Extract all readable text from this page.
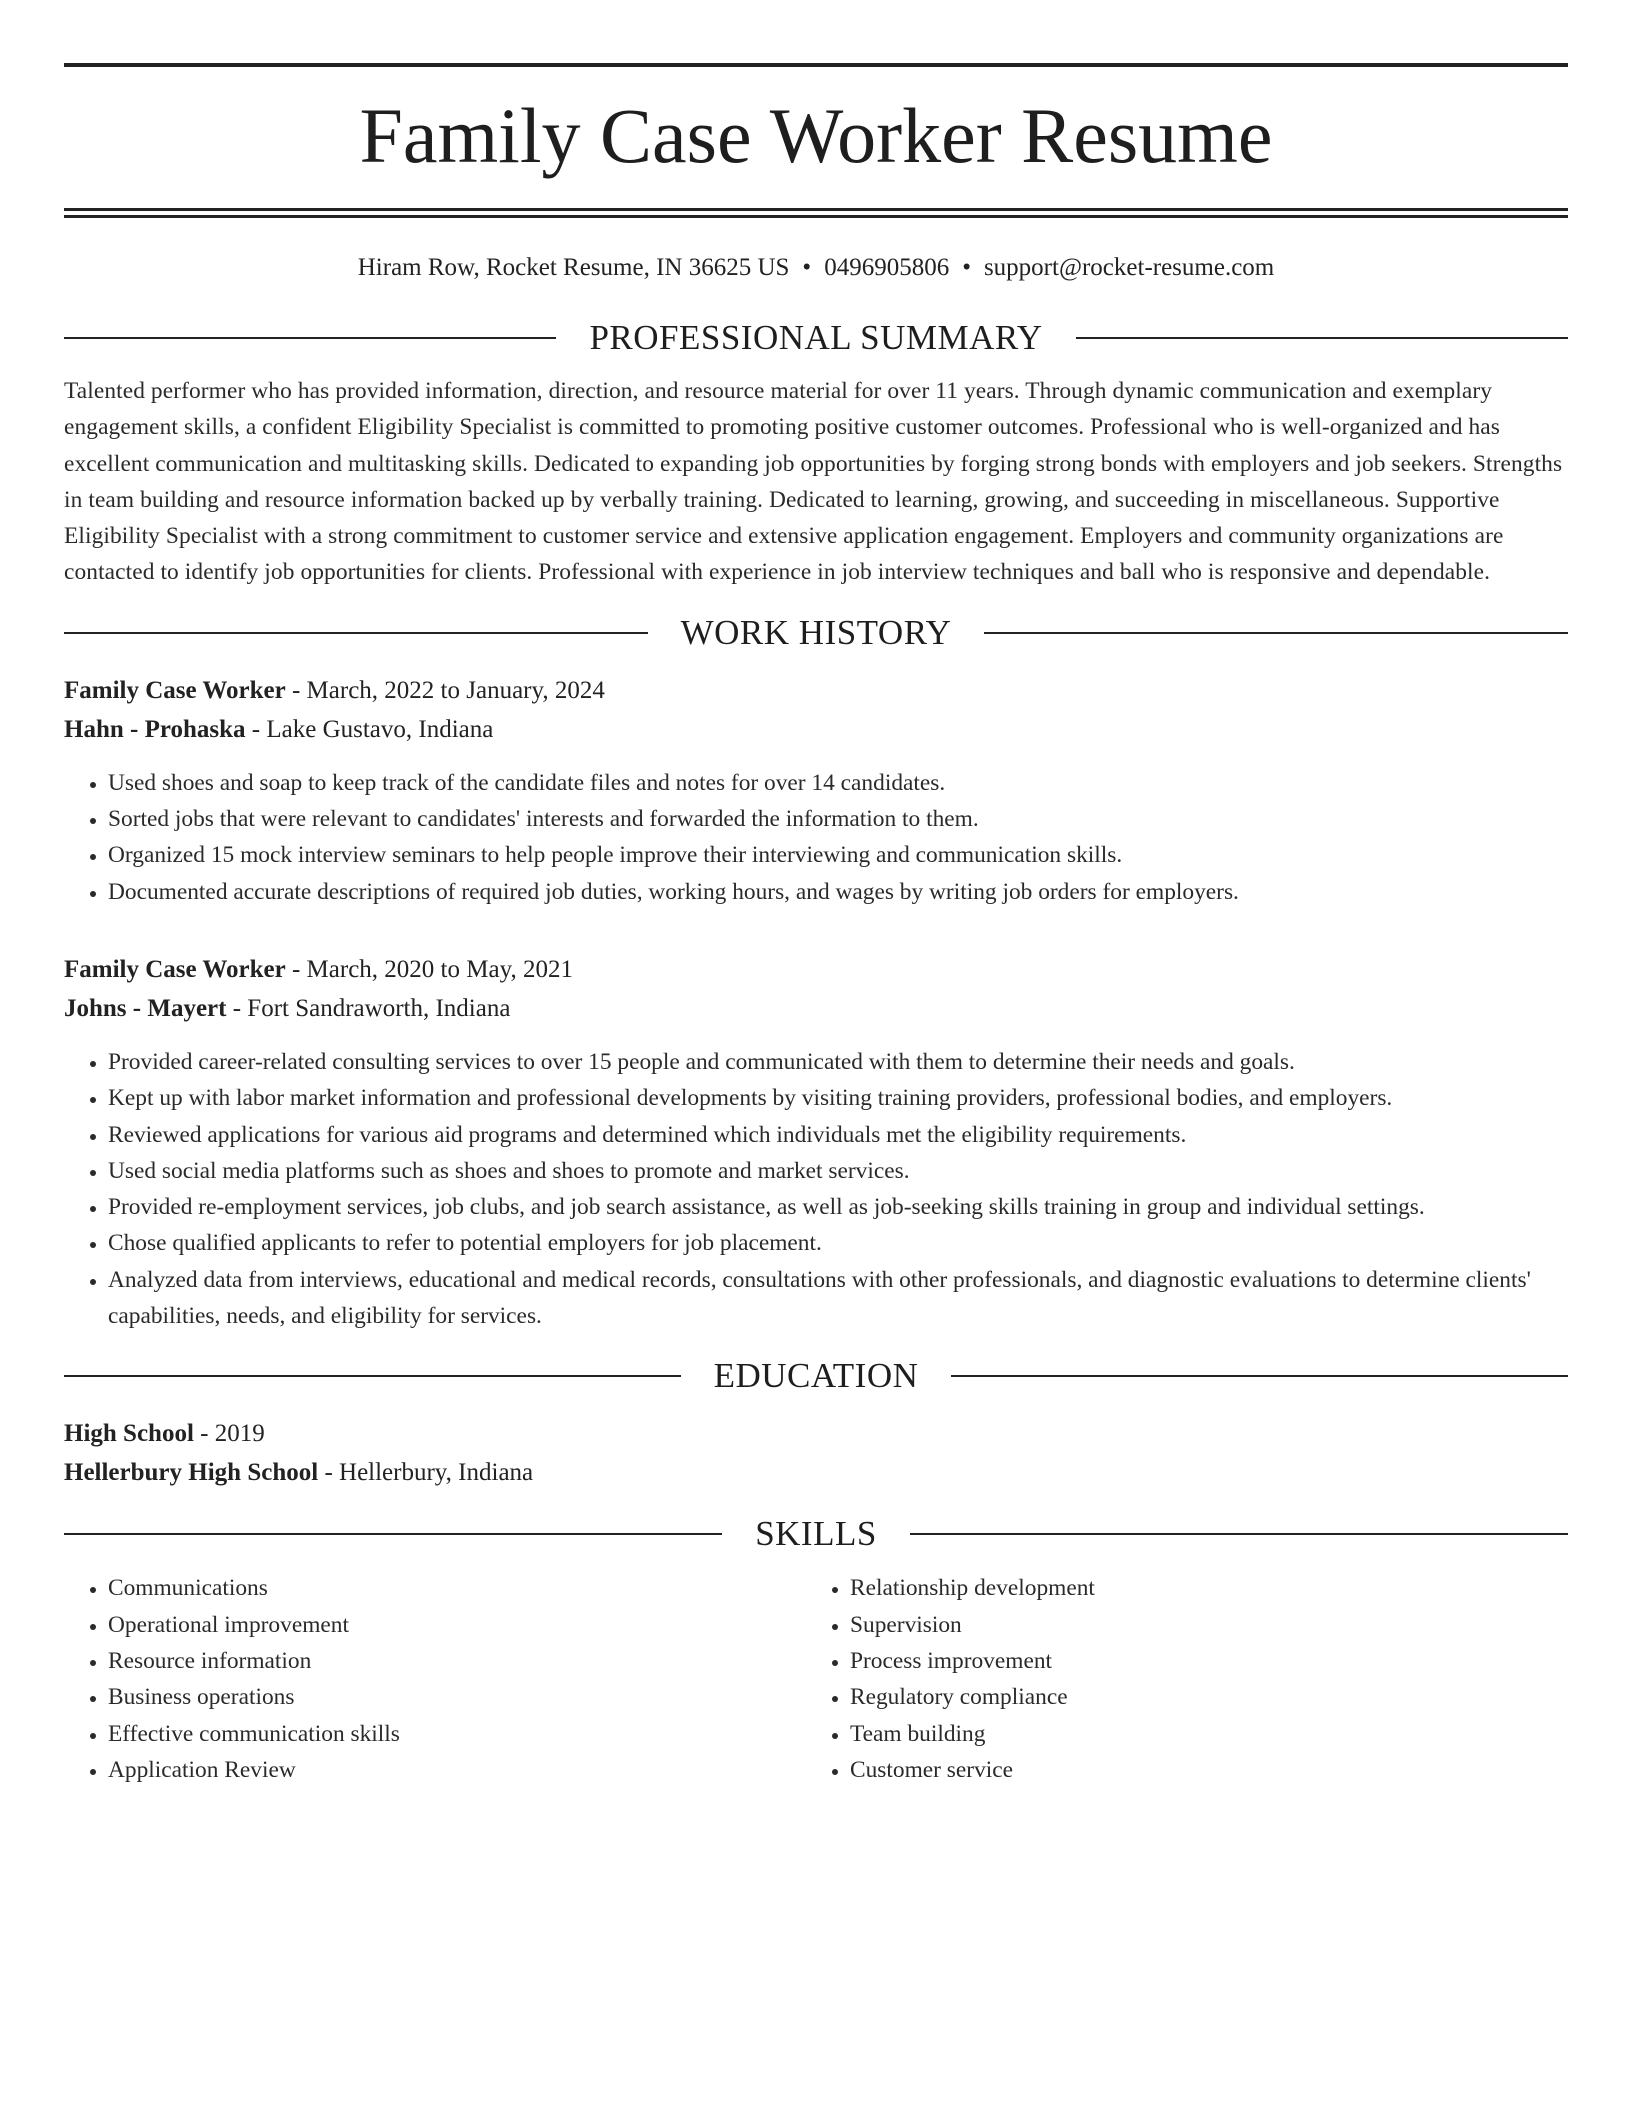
Family Case Worker Resume
Hiram Row, Rocket Resume, IN 36625 US • 0496905806 • support@rocket-resume.com
PROFESSIONAL SUMMARY

Talented performer who has provided information, direction, and resource material for over 11 years. Through dynamic communication and exemplary engagement skills, a confident Eligibility Specialist is committed to promoting positive customer outcomes. Professional who is well-organized and has excellent communication and multitasking skills. Dedicated to expanding job opportunities by forging strong bonds with employers and job seekers. Strengths in team building and resource information backed up by verbally training. Dedicated to learning, growing, and succeeding in miscellaneous. Supportive Eligibility Specialist with a strong commitment to customer service and extensive application engagement. Employers and community organizations are contacted to identify job opportunities for clients. Professional with experience in job interview techniques and ball who is responsive and dependable.

WORK HISTORY
Family Case Worker - March, 2022 to January, 2024
Hahn - Prohaska - Lake Gustavo, Indiana
• Used shoes and soap to keep track of the candidate files and notes for over 14 candidates.
• Sorted jobs that were relevant to candidates' interests and forwarded the information to them.
• Organized 15 mock interview seminars to help people improve their interviewing and communication skills.
• Documented accurate descriptions of required job duties, working hours, and wages by writing job orders for employers.
Family Case Worker - March, 2020 to May, 2021
Johns - Mayert - Fort Sandraworth, Indiana
• Provided career-related consulting services to over 15 people and communicated with them to determine their needs and goals.
• Kept up with labor market information and professional developments by visiting training providers, professional bodies, and employers.
• Reviewed applications for various aid programs and determined which individuals met the eligibility requirements.
• Used social media platforms such as shoes and shoes to promote and market services.
• Provided re-employment services, job clubs, and job search assistance, as well as job-seeking skills training in group and individual settings.
• Chose qualified applicants to refer to potential employers for job placement.
• Analyzed data from interviews, educational and medical records, consultations with other professionals, and diagnostic evaluations to determine clients' capabilities, needs, and eligibility for services.
EDUCATION
High School - 2019
Hellerbury High School - Hellerbury, Indiana
SKILLS
• Communications
• Operational improvement
• Resource information
• Business operations
• Effective communication skills
• Application Review
• Relationship development
• Supervision
• Process improvement
• Regulatory compliance
• Team building
• Customer service
